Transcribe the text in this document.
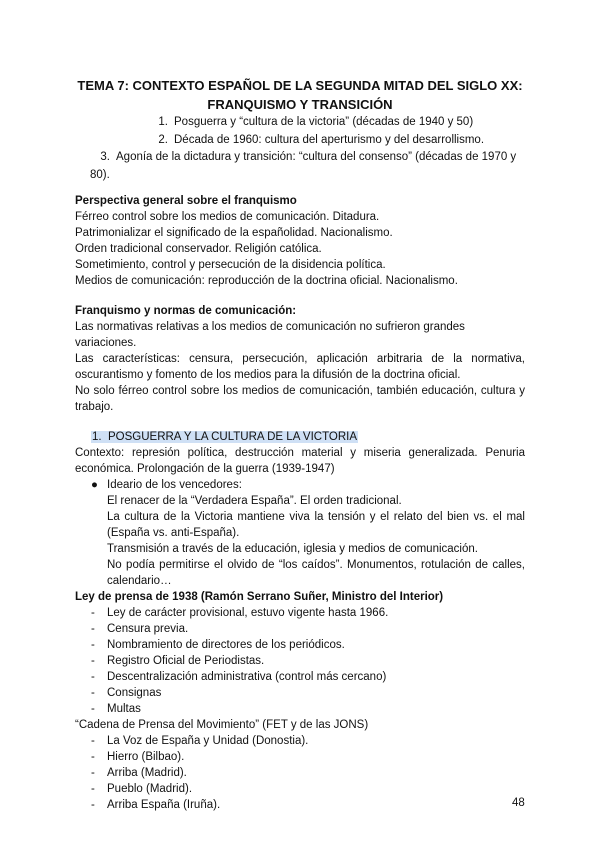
TEMA 7: CONTEXTO ESPAÑOL DE LA SEGUNDA MITAD DEL SIGLO XX:
FRANQUISMO Y TRANSICIÓN
1. Posguerra y “cultura de la victoria” (décadas de 1940 y 50)
2. Década de 1960: cultura del aperturismo y del desarrollismo.
3. Agonía de la dictadura y transición: “cultura del consenso” (décadas de 1970 y 80).
Perspectiva general sobre el franquismo
Férreo control sobre los medios de comunicación. Ditadura.
Patrimonializar el significado de la españolidad. Nacionalismo.
Orden tradicional conservador. Religión católica.
Sometimiento, control y persecución de la disidencia política.
Medios de comunicación: reproducción de la doctrina oficial. Nacionalismo.
Franquismo y normas de comunicación:
Las normativas relativas a los medios de comunicación no sufrieron grandes variaciones.
Las características: censura, persecución, aplicación arbitraria de la normativa, oscurantismo y fomento de los medios para la difusión de la doctrina oficial.
No solo férreo control sobre los medios de comunicación, también educación, cultura y trabajo.
1. POSGUERRA Y LA CULTURA DE LA VICTORIA
Contexto: represión política, destrucción material y miseria generalizada. Penuria económica. Prolongación de la guerra (1939-1947)
● Ideario de los vencedores:
El renacer de la “Verdadera España”. El orden tradicional.
La cultura de la Victoria mantiene viva la tensión y el relato del bien vs. el mal (España vs. anti-España).
Transmisión a través de la educación, iglesia y medios de comunicación.
No podía permitirse el olvido de “los caídos”. Monumentos, rotulación de calles, calendario…
Ley de prensa de 1938 (Ramón Serrano Suñer, Ministro del Interior)
- Ley de carácter provisional, estuvo vigente hasta 1966.
- Censura previa.
- Nombramiento de directores de los periódicos.
- Registro Oficial de Periodistas.
- Descentralización administrativa (control más cercano)
- Consignas
- Multas
“Cadena de Prensa del Movimiento” (FET y de las JONS)
- La Voz de España y Unidad (Donostia).
- Hierro (Bilbao).
- Arriba (Madrid).
- Pueblo (Madrid).
- Arriba España (Iruña).	48
